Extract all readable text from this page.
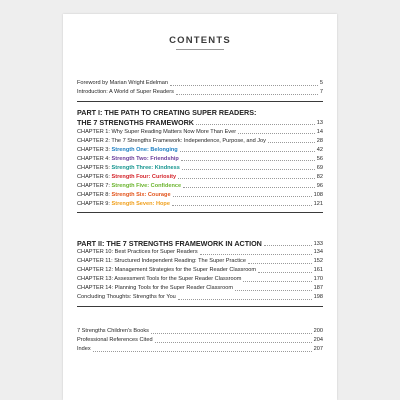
CONTENTS
Foreword by Marian Wright Edelman	5
Introduction: A World of Super Readers	7
PART I: THE PATH TO CREATING SUPER READERS:
THE 7 STRENGTHS FRAMEWORK	13
CHAPTER 1: Why Super Reading Matters Now More Than Ever	14
CHAPTER 2: The 7 Strengths Framework: Independence, Purpose, and Joy	28
CHAPTER 3: Strength One: Belonging	42
CHAPTER 4: Strength Two: Friendship	56
CHAPTER 5: Strength Three: Kindness	69
CHAPTER 6: Strength Four: Curiosity	82
CHAPTER 7: Strength Five: Confidence	96
CHAPTER 8: Strength Six: Courage	108
CHAPTER 9: Strength Seven: Hope	121
PART II: THE 7 STRENGTHS FRAMEWORK IN ACTION	133
CHAPTER 10: Best Practices for Super Readers	134
CHAPTER 11: Structured Independent Reading: The Super Practice	152
CHAPTER 12: Management Strategies for the Super Reader Classroom	161
CHAPTER 13: Assessment Tools for the Super Reader Classroom	170
CHAPTER 14: Planning Tools for the Super Reader Classroom	187
Concluding Thoughts: Strengths for You	198
7 Strengths Children's Books	200
Professional References Cited	204
Index	207
